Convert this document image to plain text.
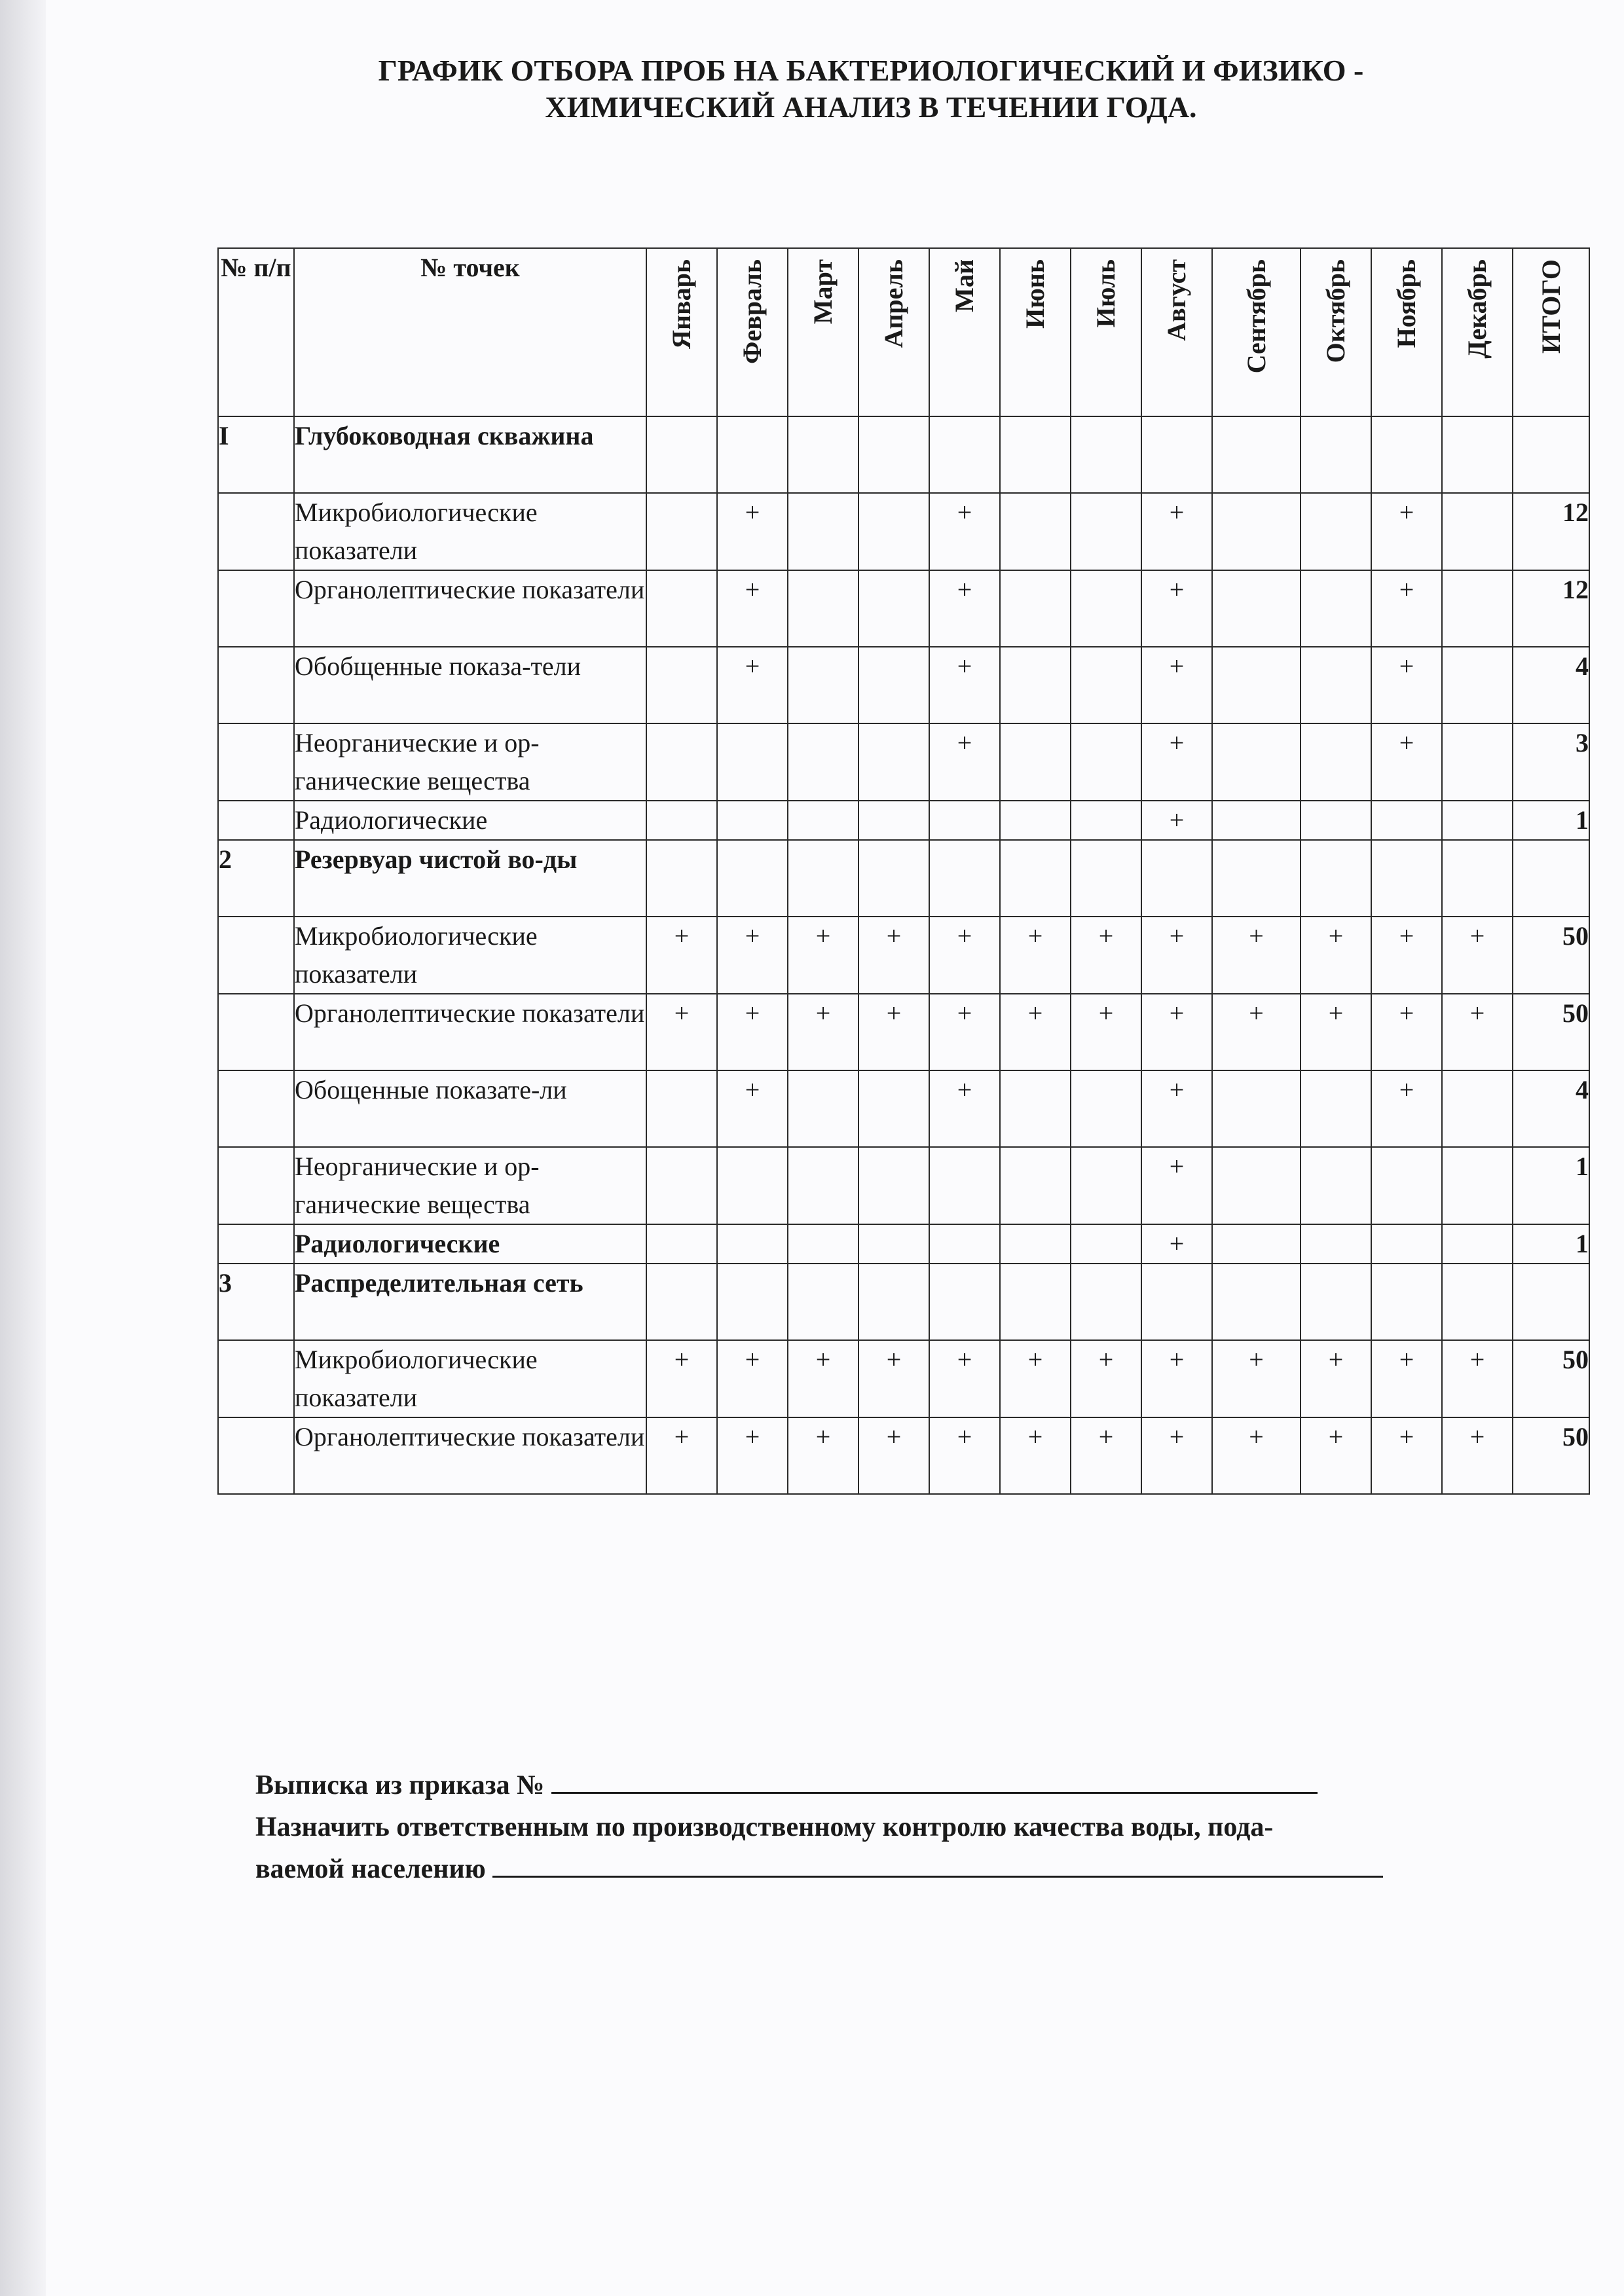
ГРАФИК ОТБОРА ПРОБ НА БАКТЕРИОЛОГИЧЕСКИЙ И ФИЗИКО -
ХИМИЧЕСКИЙ АНАЛИЗ В ТЕЧЕНИИ ГОДА.
№ п/п	№ точек	Январь	Февраль	Март	Апрель	Май	Июнь	Июль	Август	Сентябрь	Октябрь	Ноябрь	Декабрь	ИТОГО
I	Глубоководная скважина													
	Микробиологические показатели		+			+			+			+		12
	Органолептические показатели		+			+			+			+		12
	Обобщенные показа-тели		+			+			+			+		4
	Неорганические и ор-ганические вещества					+			+			+		3
	Радиологические								+					1
2	Резервуар чистой во-ды													
	Микробиологические показатели	+	+	+	+	+	+	+	+	+	+	+	+	50
	Органолептические показатели	+	+	+	+	+	+	+	+	+	+	+	+	50
	Обощенные показате-ли		+			+			+			+		4
	Неорганические и ор-ганические вещества								+					1
	Радиологические								+					1
3	Распределительная сеть													
	Микробиологические показатели	+	+	+	+	+	+	+	+	+	+	+	+	50
	Органолептические показатели	+	+	+	+	+	+	+	+	+	+	+	+	50
Выписка из приказа №
Назначить ответственным по производственному контролю качества воды, пода-
ваемой населению
